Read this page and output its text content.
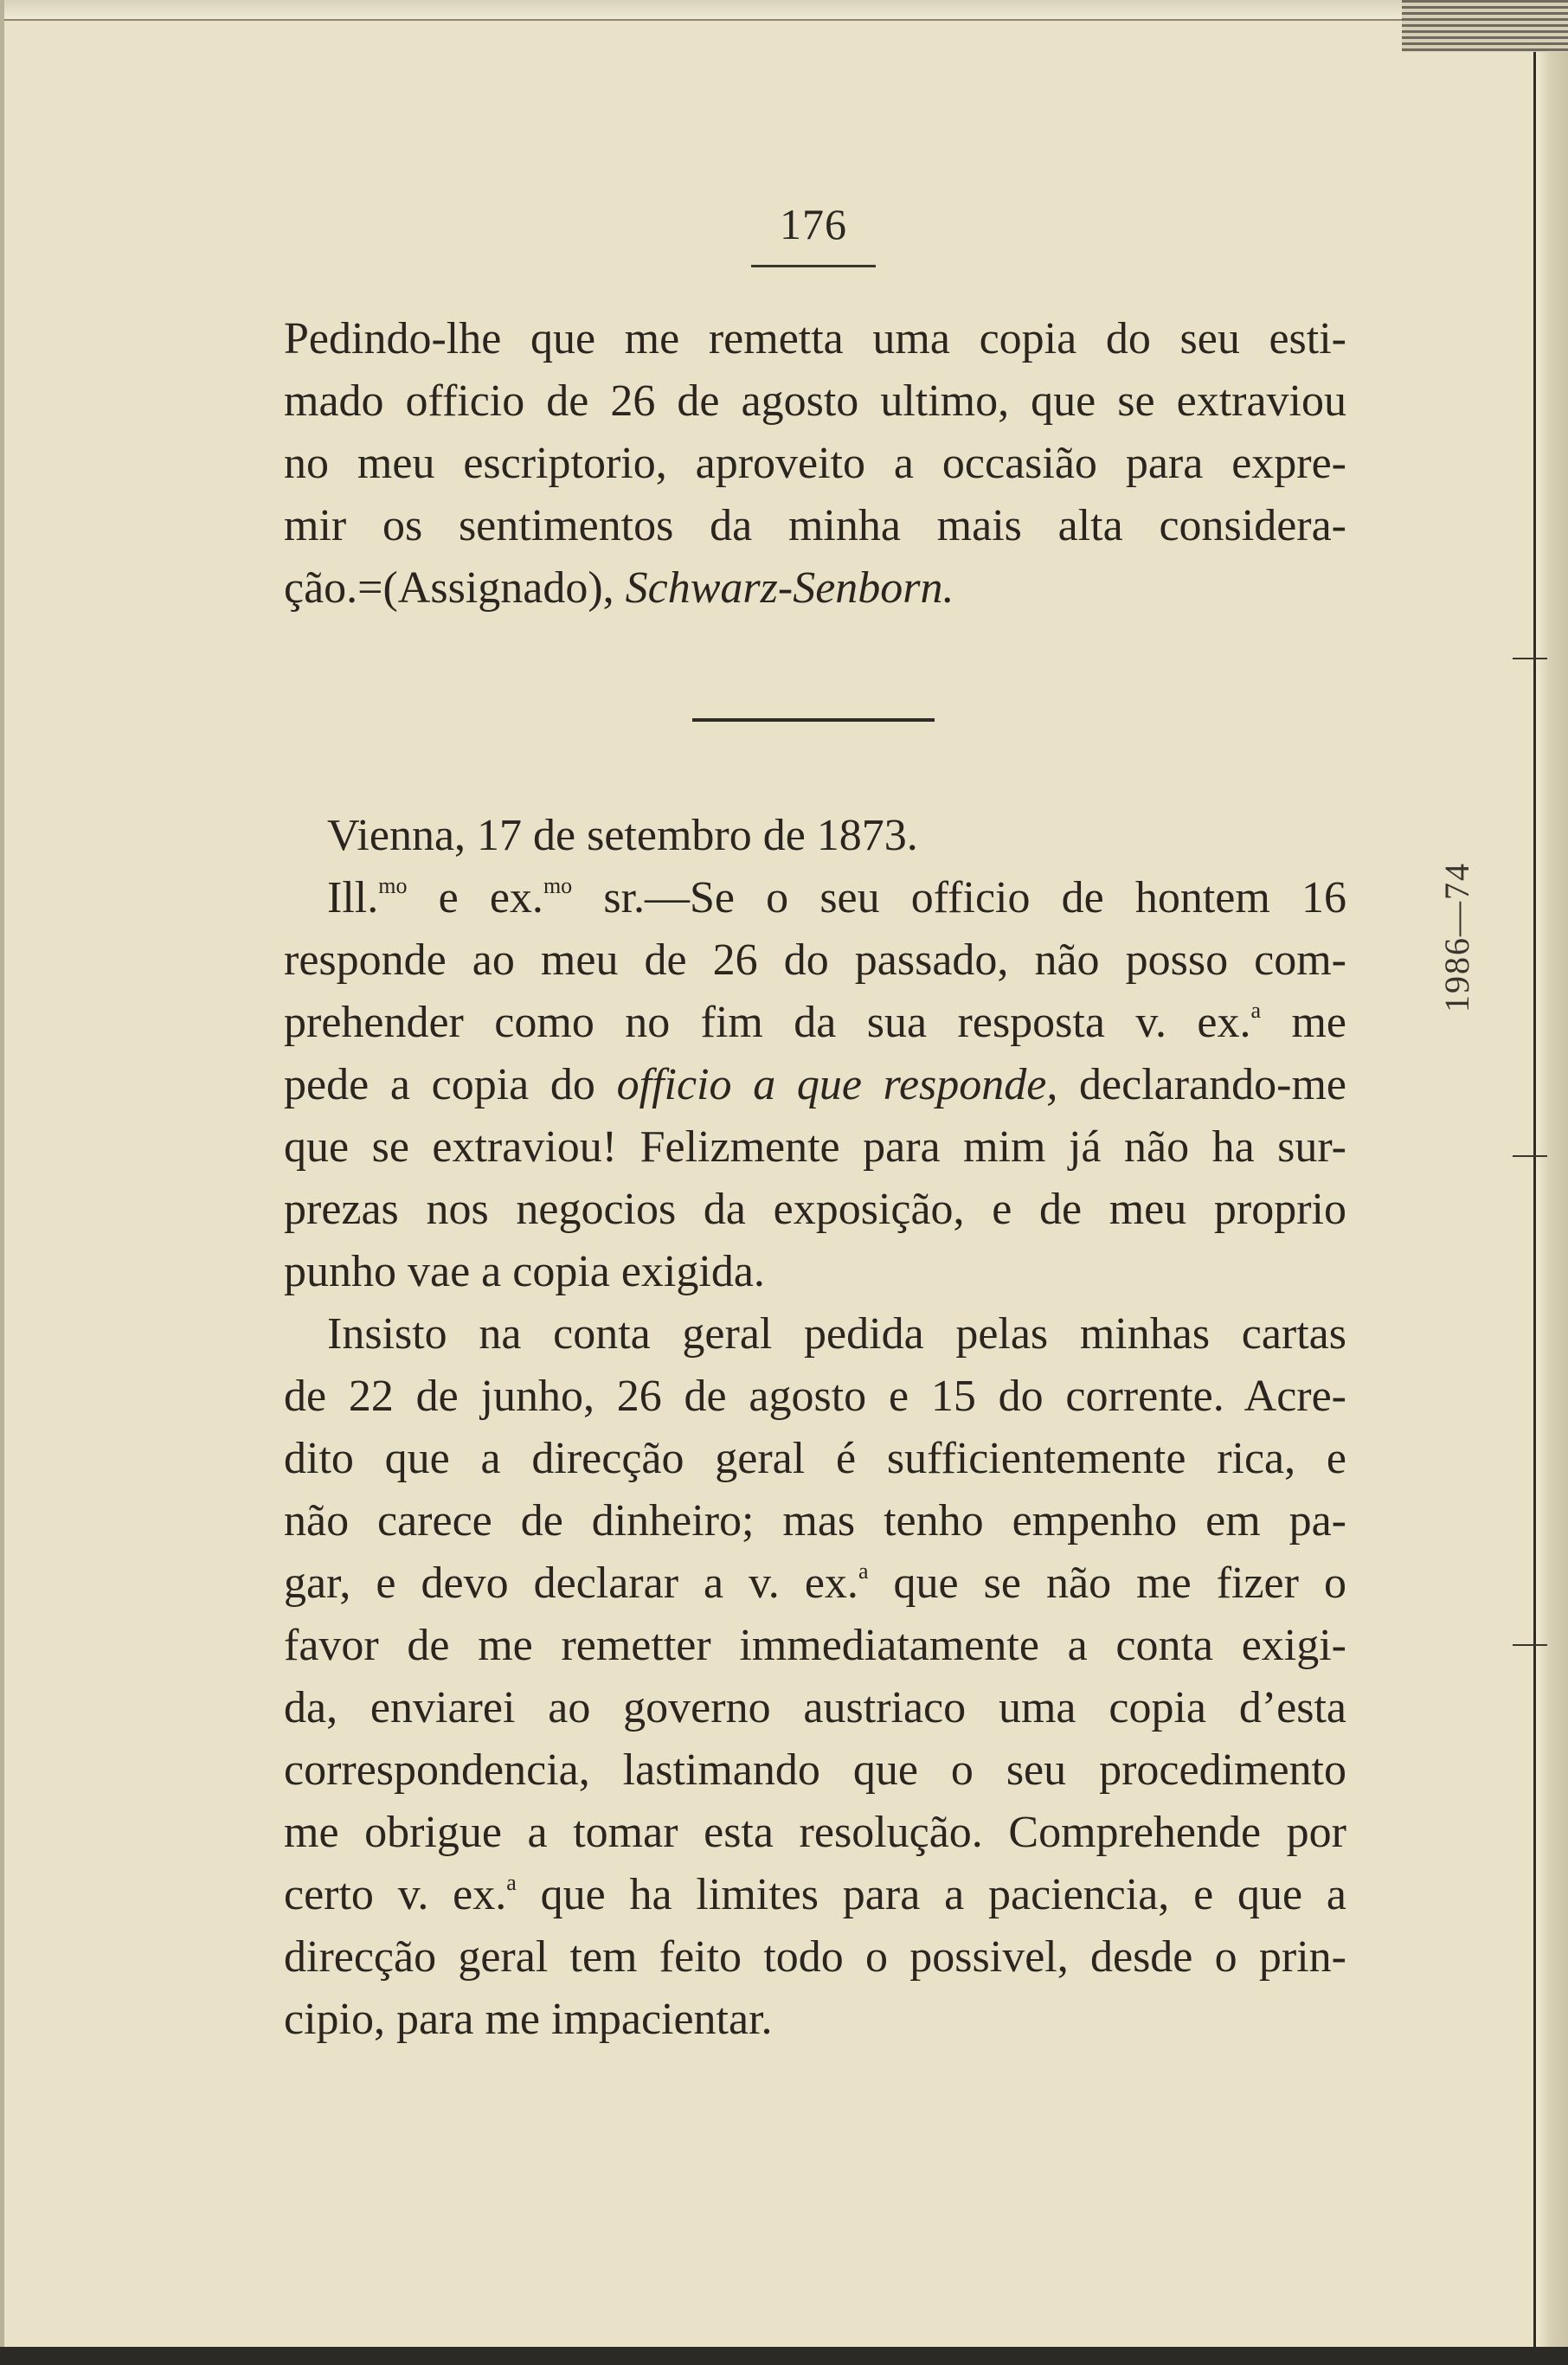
176
Pedindo-lhe que me remetta uma copia do seu esti-
mado officio de 26 de agosto ultimo, que se extraviou
no meu escriptorio, aproveito a occasião para expre-
mir os sentimentos da minha mais alta considera-
ção.=(Assignado), Schwarz-Senborn.
Vienna, 17 de setembro de 1873.
Ill.$^{mo}$ e ex.$^{mo}$ sr.—Se o seu officio de hontem 16
responde ao meu de 26 do passado, não posso com-
prehender como no fim da sua resposta v. ex.$^a$ me
pede a copia do officio a que responde, declarando-me
que se extraviou! Felizmente para mim já não ha sur-
prezas nos negocios da exposição, e de meu proprio
punho vae a copia exigida.
Insisto na conta geral pedida pelas minhas cartas
de 22 de junho, 26 de agosto e 15 do corrente. Acre-
dito que a direcção geral é sufficientemente rica, e
não carece de dinheiro; mas tenho empenho em pa-
gar, e devo declarar a v. ex.$^a$ que se não me fizer o
favor de me remetter immediatamente a conta exigi-
da, enviarei ao governo austriaco uma copia d’esta
correspondencia, lastimando que o seu procedimento
me obrigue a tomar esta resolução. Comprehende por
certo v. ex.$^a$ que ha limites para a paciencia, e que a
direcção geral tem feito todo o possivel, desde o prin-
cipio, para me impacientar.
1986—74
